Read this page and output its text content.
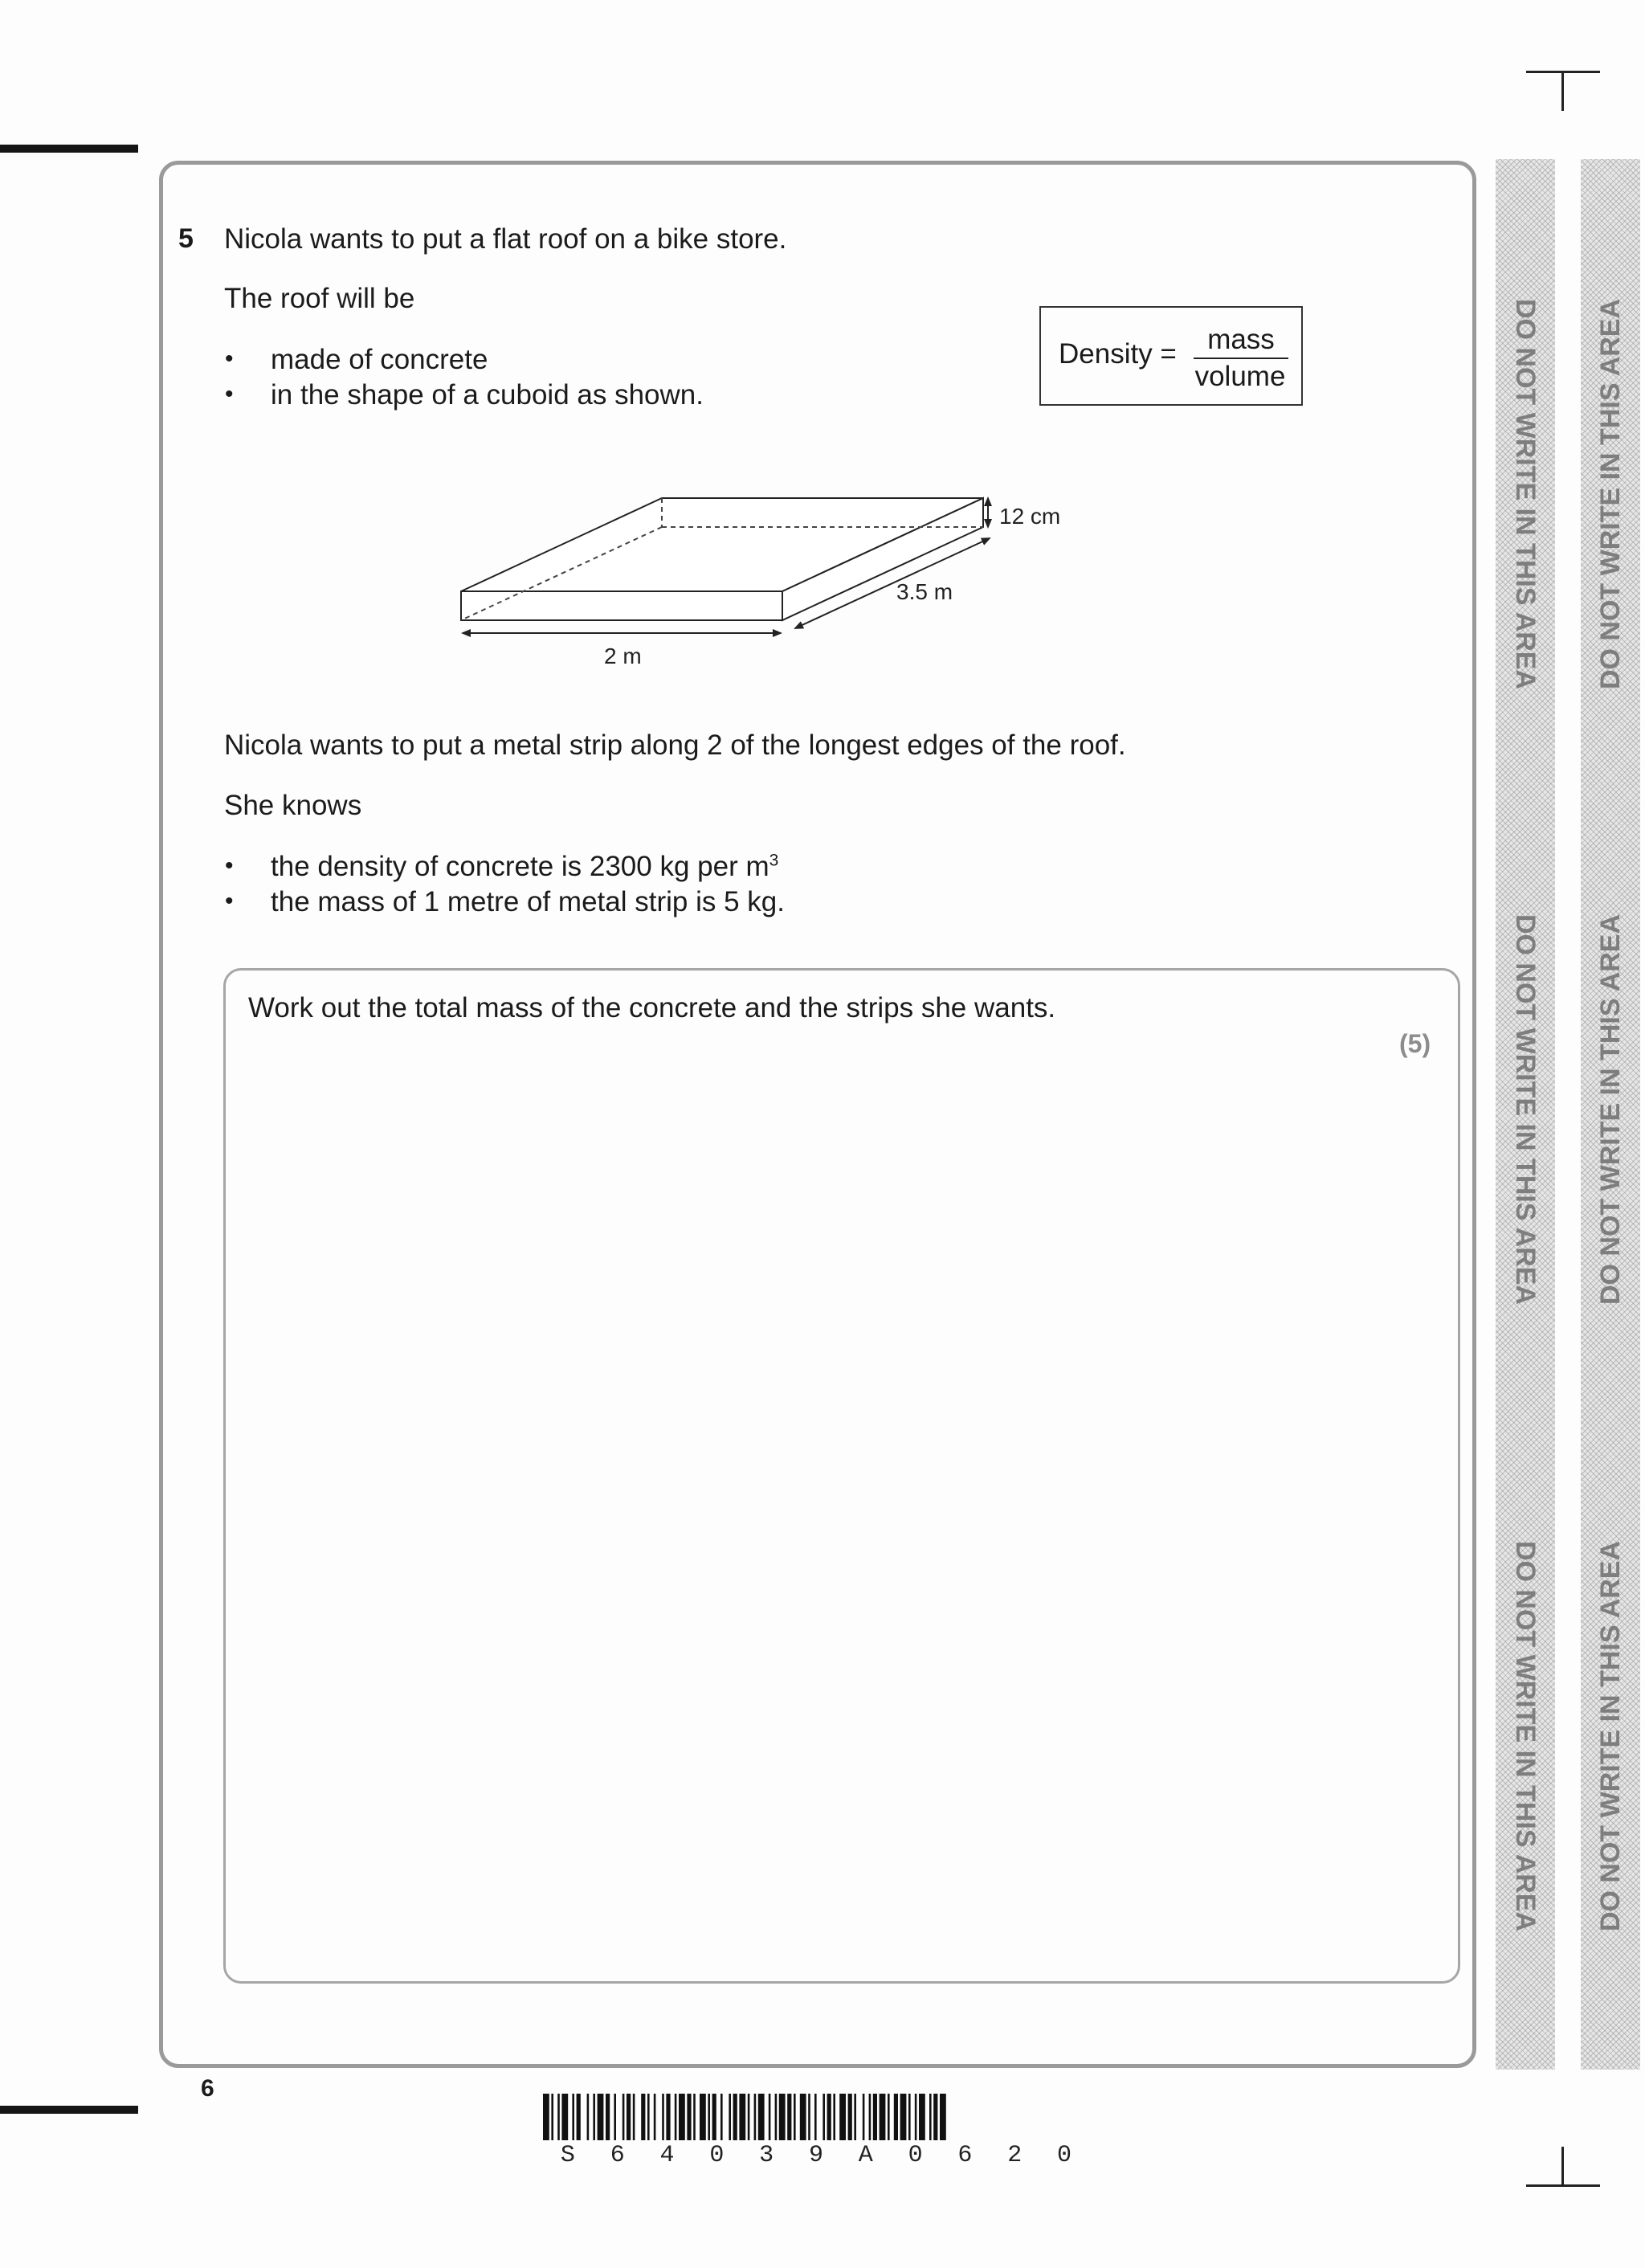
5 Nicola wants to put a flat roof on a bike store.
The roof will be
• made of concrete
• in the shape of a cuboid as shown.
Density =	mass
volume
12 cm
3.5 m
2 m
Nicola wants to put a metal strip along 2 of the longest edges of the roof.
She knows
• the density of concrete is 2300 kg per $m^3$
• the mass of 1 metre of metal strip is 5 kg.
Work out the total mass of the concrete and the strips she wants.
(5)
DO NOT WRITE IN THIS AREA
DO NOT WRITE IN THIS AREA
DO NOT WRITE IN THIS AREA
DO NOT WRITE IN THIS AREA
DO NOT WRITE IN THIS AREA
DO NOT WRITE IN THIS AREA
6
S 6 4 0 3 9 A 0 6 2 0
